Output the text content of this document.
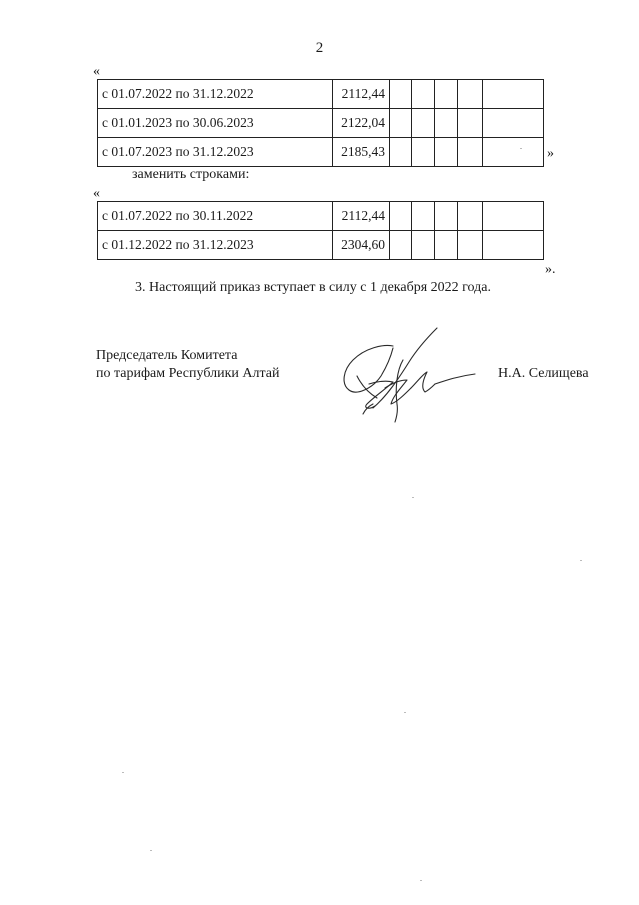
2
«
с 01.07.2022 по 31.12.2022	2112,44					
с 01.01.2023 по 30.06.2023	2122,04					
с 01.07.2023 по 31.12.2023	2185,43						»
заменить строками:
«
с 01.07.2022 по 30.11.2022	2112,44					
с 01.12.2022 по 31.12.2023	2304,60					
».
3. Настоящий приказ вступает в силу с 1 декабря 2022 года.
Председатель Комитета
по тарифам Республики Алтай	Н.А. Селищева
